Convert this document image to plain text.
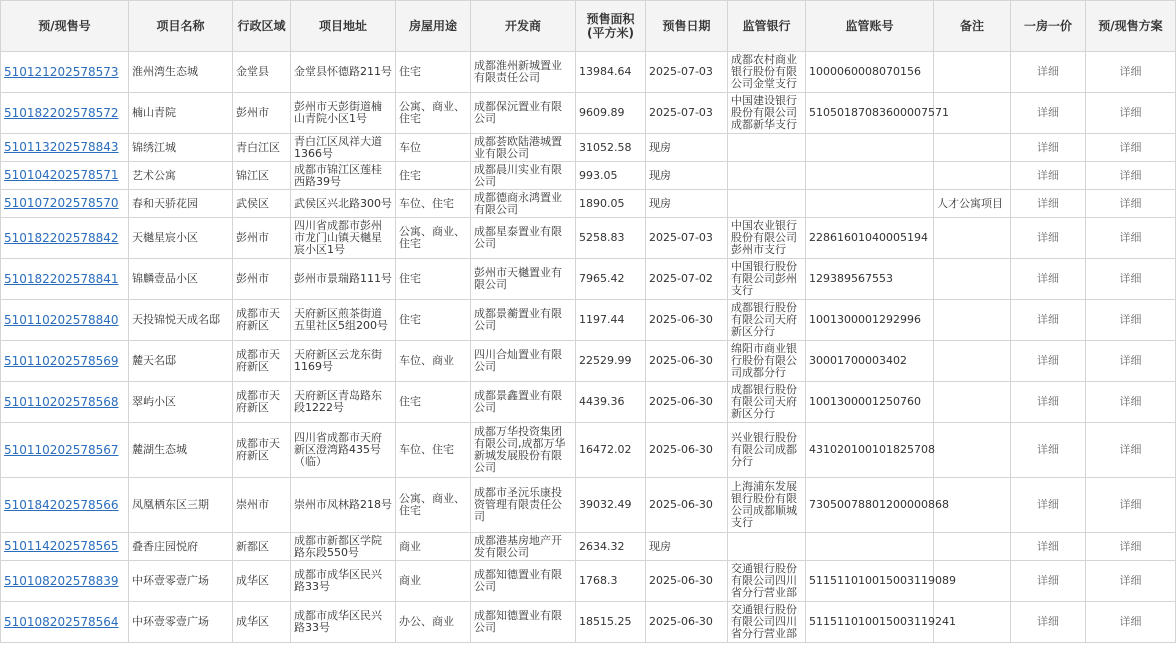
预/现售号	项目名称	行政区域	项目地址	房屋用途	开发商	预售面积(平方米)	预售日期	监管银行	监管账号	备注	一房一价	预/现售方案
510121202578573	淮州湾生态城	金堂县	金堂县怀德路211号	住宅	成都淮州新城置业有限责任公司	13984.64	2025-07-03	成都农村商业银行股份有限公司金堂支行	1000060008070156		详细	详细
510182202578572	楠山青院	彭州市	彭州市天彭街道楠山青院小区1号	公寓、商业、住宅	成都保沅置业有限公司	9609.89	2025-07-03	中国建设银行股份有限公司成都新华支行	51050187083600007571		详细	详细
510113202578843	锦绣江城	青白江区	青白江区凤祥大道1366号	车位	成都荟欧陆港城置业有限公司	31052.58	现房				详细	详细
510104202578571	艺术公寓	锦江区	成都市锦江区莲桂西路39号	住宅	成都晨川实业有限公司	993.05	现房				详细	详细
510107202578570	春和天骄花园	武侯区	武侯区兴北路300号	车位、住宅	成都德商永鸿置业有限公司	1890.05	现房			人才公寓项目	详细	详细
510182202578842	天樾星宸小区	彭州市	四川省成都市彭州市龙门山镇天樾星宸小区1号	公寓、商业、住宅	成都星泰置业有限公司	5258.83	2025-07-03	中国农业银行股份有限公司彭州市支行	22861601040005194		详细	详细
510182202578841	锦麟壹品小区	彭州市	彭州市景瑞路111号	住宅	彭州市天樾置业有限公司	7965.42	2025-07-02	中国银行股份有限公司彭州支行	129389567553		详细	详细
510110202578840	天投锦悦天成名邸	成都市天府新区	天府新区煎茶街道五里社区5组200号	住宅	成都景蘅置业有限公司	1197.44	2025-06-30	成都银行股份有限公司天府新区分行	1001300001292996		详细	详细
510110202578569	麓天名邸	成都市天府新区	天府新区云龙东街1169号	车位、商业	四川合灿置业有限公司	22529.99	2025-06-30	绵阳市商业银行股份有限公司成都分行	30001700003402		详细	详细
510110202578568	翠屿小区	成都市天府新区	天府新区青岛路东段1222号	住宅	成都景鑫置业有限公司	4439.36	2025-06-30	成都银行股份有限公司天府新区分行	1001300001250760		详细	详细
510110202578567	麓湖生态城	成都市天府新区	四川省成都市天府新区澄湾路435号（临）	车位、住宅	成都万华投资集团有限公司,成都万华新城发展股份有限公司	16472.02	2025-06-30	兴业银行股份有限公司成都分行	431020100101825708		详细	详细
510184202578566	凤凰栖东区三期	崇州市	崇州市凤林路218号	公寓、商业、住宅	成都市圣沅乐康投资管理有限责任公司	39032.49	2025-06-30	上海浦东发展银行股份有限公司成都顺城支行	73050078801200000868		详细	详细
510114202578565	叠香庄园悦府	新都区	成都市新都区学院路东段550号	商业	成都港基房地产开发有限公司	2634.32	现房				详细	详细
510108202578839	中环壹零壹广场	成华区	成都市成华区民兴路33号	商业	成都知德置业有限公司	1768.3	2025-06-30	交通银行股份有限公司四川省分行营业部	511511010015003119089		详细	详细
510108202578564	中环壹零壹广场	成华区	成都市成华区民兴路33号	办公、商业	成都知德置业有限公司	18515.25	2025-06-30	交通银行股份有限公司四川省分行营业部	511511010015003119241		详细	详细
